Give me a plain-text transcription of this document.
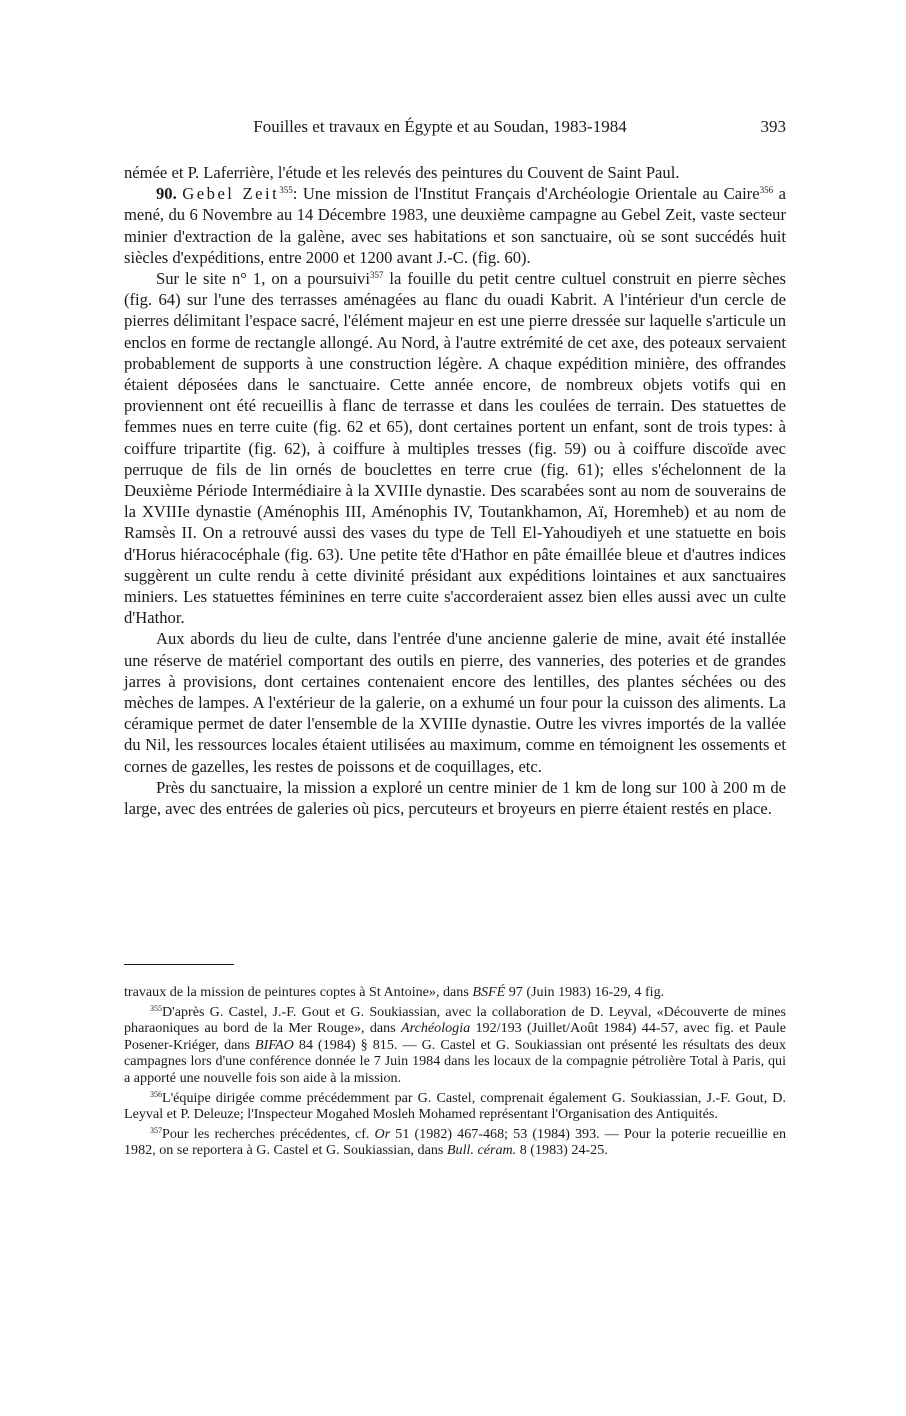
Fouilles et travaux en Égypte et au Soudan, 1983-1984	393

némée et P. Laferrière, l'étude et les relevés des peintures du Couvent de Saint Paul.

90. Gebel Zeit$^{355}$: Une mission de l'Institut Français d'Archéologie Orientale au Caire$^{356}$ a mené, du 6 Novembre au 14 Décembre 1983, une deuxième campagne au Gebel Zeit, vaste secteur minier d'extraction de la galène, avec ses habitations et son sanctuaire, où se sont succédés huit siècles d'expéditions, entre 2000 et 1200 avant J.-C. (fig. 60).

Sur le site n° 1, on a poursuivi$^{357}$ la fouille du petit centre cultuel construit en pierre sèches (fig. 64) sur l'une des terrasses aménagées au flanc du ouadi Kabrit. A l'intérieur d'un cercle de pierres délimitant l'espace sacré, l'élément majeur en est une pierre dressée sur laquelle s'articule un enclos en forme de rectangle allongé. Au Nord, à l'autre extrémité de cet axe, des poteaux servaient probablement de supports à une construction légère. A chaque expédition minière, des offrandes étaient déposées dans le sanctuaire. Cette année encore, de nombreux objets votifs qui en proviennent ont été recueillis à flanc de terrasse et dans les coulées de terrain. Des statuettes de femmes nues en terre cuite (fig. 62 et 65), dont certaines portent un enfant, sont de trois types: à coiffure tripartite (fig. 62), à coiffure à multiples tresses (fig. 59) ou à coiffure discoïde avec perruque de fils de lin ornés de bouclettes en terre crue (fig. 61); elles s'échelonnent de la Deuxième Période Intermédiaire à la XVIIIe dynastie. Des scarabées sont au nom de souverains de la XVIIIe dynastie (Aménophis III, Aménophis IV, Toutankhamon, Aï, Horemheb) et au nom de Ramsès II. On a retrouvé aussi des vases du type de Tell El-Yahoudiyeh et une statuette en bois d'Horus hiéracocéphale (fig. 63). Une petite tête d'Hathor en pâte émaillée bleue et d'autres indices suggèrent un culte rendu à cette divinité présidant aux expéditions lointaines et aux sanctuaires miniers. Les statuettes féminines en terre cuite s'accorderaient assez bien elles aussi avec un culte d'Hathor.

Aux abords du lieu de culte, dans l'entrée d'une ancienne galerie de mine, avait été installée une réserve de matériel comportant des outils en pierre, des vanneries, des poteries et de grandes jarres à provisions, dont certaines contenaient encore des lentilles, des plantes séchées ou des mèches de lampes. A l'extérieur de la galerie, on a exhumé un four pour la cuisson des aliments. La céramique permet de dater l'ensemble de la XVIIIe dynastie. Outre les vivres importés de la vallée du Nil, les ressources locales étaient utilisées au maximum, comme en témoignent les ossements et cornes de gazelles, les restes de poissons et de coquillages, etc.

Près du sanctuaire, la mission a exploré un centre minier de 1 km de long sur 100 à 200 m de large, avec des entrées de galeries où pics, percuteurs et broyeurs en pierre étaient restés en place.

travaux de la mission de peintures coptes à St Antoine», dans BSFÉ 97 (Juin 1983) 16-29, 4 fig.

$^{355}$D'après G. Castel, J.-F. Gout et G. Soukiassian, avec la collaboration de D. Leyval, «Découverte de mines pharaoniques au bord de la Mer Rouge», dans Archéologia 192/193 (Juillet/Août 1984) 44-57, avec fig. et Paule Posener-Kriéger, dans BIFAO 84 (1984) § 815. — G. Castel et G. Soukiassian ont présenté les résultats des deux campagnes lors d'une conférence donnée le 7 Juin 1984 dans les locaux de la compagnie pétrolière Total à Paris, qui a apporté une nouvelle fois son aide à la mission.

$^{356}$L'équipe dirigée comme précédemment par G. Castel, comprenait également G. Soukiassian, J.-F. Gout, D. Leyval et P. Deleuze; l'Inspecteur Mogahed Mosleh Mohamed représentant l'Organisation des Antiquités.

$^{357}$Pour les recherches précédentes, cf. Or 51 (1982) 467-468; 53 (1984) 393. — Pour la poterie recueillie en 1982, on se reportera à G. Castel et G. Soukiassian, dans Bull. céram. 8 (1983) 24-25.
